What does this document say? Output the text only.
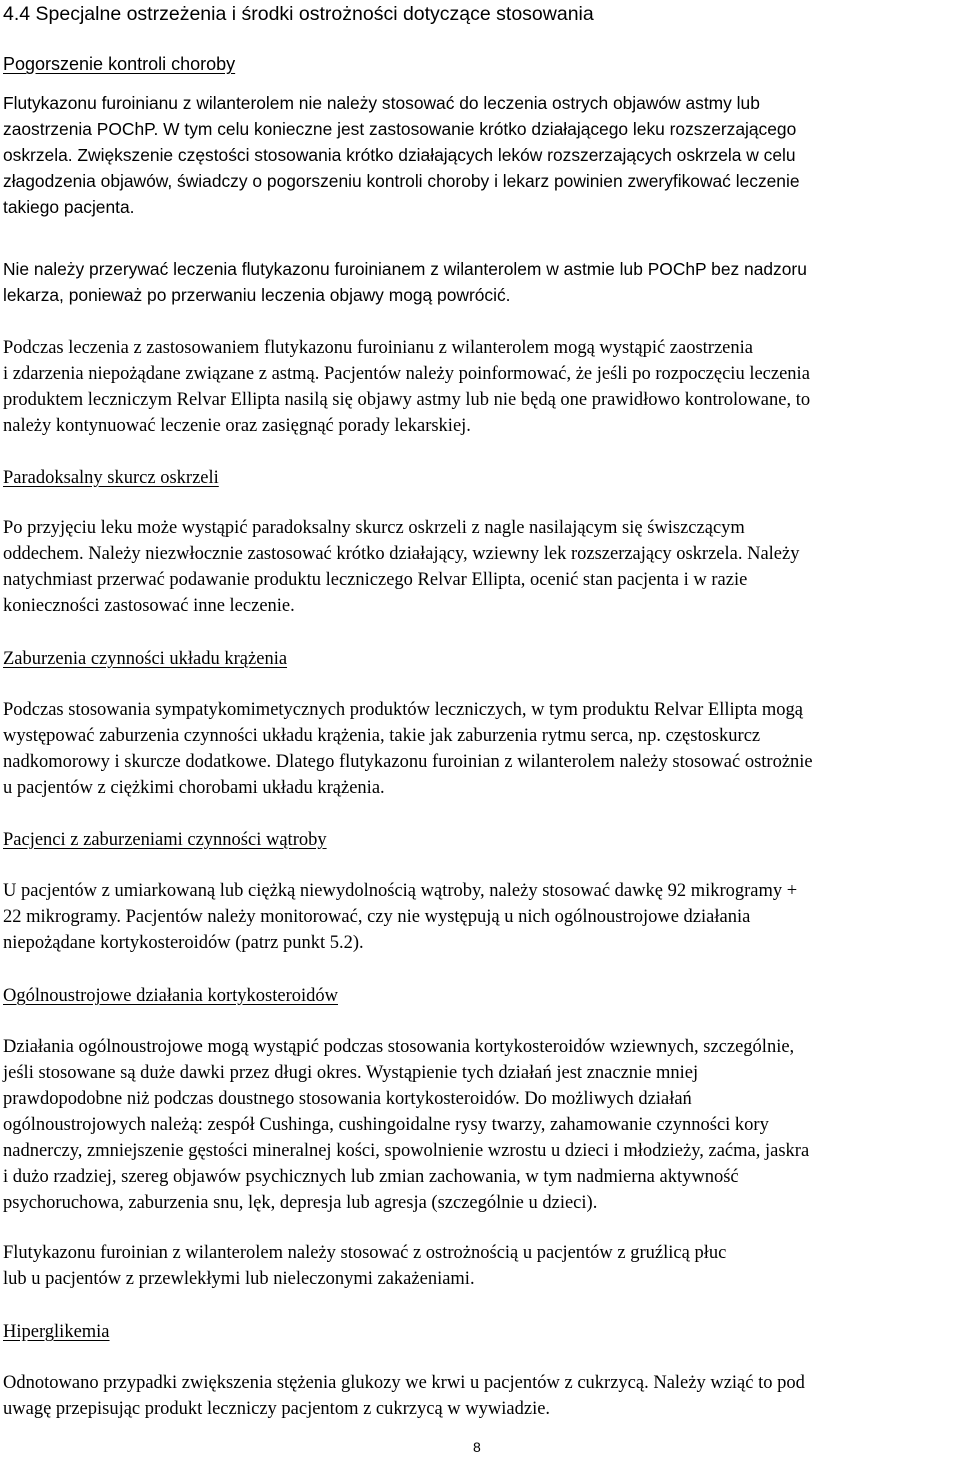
4.4 Specjalne ostrzeżenia i środki ostrożności dotyczące stosowania
Pogorszenie kontroli choroby
Flutykazonu furoinianu z wilanterolem nie należy stosować do leczenia ostrych objawów astmy lub
zaostrzenia POChP. W tym celu konieczne jest zastosowanie krótko działającego leku rozszerzającego
oskrzela. Zwiększenie częstości stosowania krótko działających leków rozszerzających oskrzela w celu
złagodzenia objawów, świadczy o pogorszeniu kontroli choroby i lekarz powinien zweryfikować leczenie
takiego pacjenta.
Nie należy przerywać leczenia flutykazonu furoinianem z wilanterolem w astmie lub POChP bez nadzoru
lekarza, ponieważ po przerwaniu leczenia objawy mogą powrócić.
Podczas leczenia z zastosowaniem flutykazonu furoinianu z wilanterolem mogą wystąpić zaostrzenia
i zdarzenia niepożądane związane z astmą. Pacjentów należy poinformować, że jeśli po rozpoczęciu leczenia
produktem leczniczym Relvar Ellipta nasilą się objawy astmy lub nie będą one prawidłowo kontrolowane, to
należy kontynuować leczenie oraz zasięgnąć porady lekarskiej.
Paradoksalny skurcz oskrzeli
Po przyjęciu leku może wystąpić paradoksalny skurcz oskrzeli z nagle nasilającym się świszczącym
oddechem. Należy niezwłocznie zastosować krótko działający, wziewny lek rozszerzający oskrzela. Należy
natychmiast przerwać podawanie produktu leczniczego Relvar Ellipta, ocenić stan pacjenta i w razie
konieczności zastosować inne leczenie.
Zaburzenia czynności układu krążenia
Podczas stosowania sympatykomimetycznych produktów leczniczych, w tym produktu Relvar Ellipta mogą
występować zaburzenia czynności układu krążenia, takie jak zaburzenia rytmu serca, np. częstoskurcz
nadkomorowy i skurcze dodatkowe. Dlatego flutykazonu furoinian z wilanterolem należy stosować ostrożnie
u pacjentów z ciężkimi chorobami układu krążenia.
Pacjenci z zaburzeniami czynności wątroby
U pacjentów z umiarkowaną lub ciężką niewydolnością wątroby, należy stosować dawkę 92 mikrogramy +
22 mikrogramy. Pacjentów należy monitorować, czy nie występują u nich ogólnoustrojowe działania
niepożądane kortykosteroidów (patrz punkt 5.2).
Ogólnoustrojowe działania kortykosteroidów
Działania ogólnoustrojowe mogą wystąpić podczas stosowania kortykosteroidów wziewnych, szczególnie,
jeśli stosowane są duże dawki przez długi okres. Wystąpienie tych działań jest znacznie mniej
prawdopodobne niż podczas doustnego stosowania kortykosteroidów. Do możliwych działań
ogólnoustrojowych należą: zespół Cushinga, cushingoidalne rysy twarzy, zahamowanie czynności kory
nadnerczy, zmniejszenie gęstości mineralnej kości, spowolnienie wzrostu u dzieci i młodzieży, zaćma, jaskra
i dużo rzadziej, szereg objawów psychicznych lub zmian zachowania, w tym nadmierna aktywność
psychoruchowa, zaburzenia snu, lęk, depresja lub agresja (szczególnie u dzieci).
Flutykazonu furoinian z wilanterolem należy stosować z ostrożnością u pacjentów z gruźlicą płuc
lub u pacjentów z przewlekłymi lub nieleczonymi zakażeniami.
Hiperglikemia
Odnotowano przypadki zwiększenia stężenia glukozy we krwi u pacjentów z cukrzycą. Należy wziąć to pod
uwagę przepisując produkt leczniczy pacjentom z cukrzycą w wywiadzie.
8
